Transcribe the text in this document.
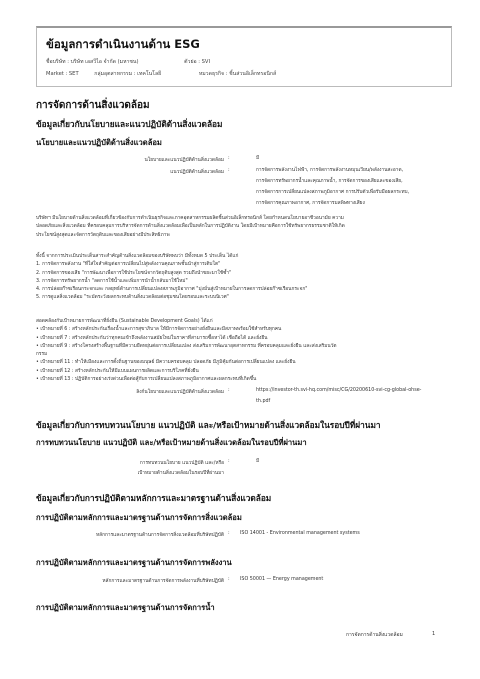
ข้อมูลการดำเนินงานด้าน ESG
ชื่อบริษัท : บริษัท เอสวีไอ จำกัด (มหาชน)	ตัวย่อ : SVI
Market : SET	กลุ่มอุตสาหกรรม : เทคโนโลยี	หมวดธุรกิจ : ชิ้นส่วนอิเล็กทรอนิกส์
การจัดการด้านสิ่งแวดล้อม
ข้อมูลเกี่ยวกับนโยบายและแนวปฏิบัติด้านสิ่งแวดล้อม
นโยบายและแนวปฏิบัติด้านสิ่งแวดล้อม
นโยบายและแนวปฏิบัติด้านสิ่งแวดล้อม :	มี
แนวปฏิบัติด้านสิ่งแวดล้อม :	การจัดการพลังงานไฟฟ้า, การจัดการพลังงานหมุนเวียน/พลังงานสะอาด,
การจัดการทรัพยากรน้ำและคุณภาพน้ำ, การจัดการของเสียและของเสีย,
การจัดการการเปลี่ยนแปลงสภาพภูมิอากาศ การปรับตัวเพื่อรับมือผลกระทบ,
การจัดการคุณภาพอากาศ, การจัดการมลพิษทางเสียง
บริษัทฯ มีนโยบายด้านสิ่งแวดล้อมที่เกี่ยวข้องกับการดำเนินธุรกิจและภาคอุตสาหกรรมผลิตชิ้นส่วนอิเล็กทรอนิกส์ โดยกำหนดนโยบายอาชีวอนามัย ความ
ปลอดภัยและสิ่งแวดล้อม ที่ครอบคลุมการบริหารจัดการด้านสิ่งแวดล้อมเพื่อเป็นหลักในการปฏิบัติงาน โดยมีเป้าหมายคือการใช้ทรัพยากรธรรมชาติให้เกิด
ประโยชน์สูงสุดและจัดการวัตถุดิบและของเสียอย่างมีประสิทธิภาพ
ทั้งนี้ จากการประเมินประเด็นสาระสำคัญด้านสิ่งแวดล้อมของบริษัทพบว่า มีทั้งหมด 5 ประเด็น ได้แก่
1. การจัดการพลังงาน "ที่ใส่ใจสำคัญต่อการเปลี่ยนไปสู่พลังงานคุณภาพชั้นนำสู่การเติบโต"
2. การจัดการของเสีย "การพัฒนาเพื่อการใช้ประโยชน์จากวัตถุดิบสูงสุด รวมถึงนำขยะมาใช้ซ้ำ"
3. การจัดการทรัพยากรน้ำ "ลดการใช้น้ำและเพิ่มการนำน้ำกลับมาใช้ใหม่"
4. การปล่อยก๊าซเรือนกระจกและ กลยุทธ์ด้านการเปลี่ยนแปลงสภาพภูมิอากาศ "มุ่งมั่นสู่เป้าหมายในการลดการปล่อยก๊าซเรือนกระจก"
5. การดูแลสิ่งแวดล้อม "ระมัดระวังผลกระทบด้านสิ่งแวดล้อมต่อชุมชนโดยรอบและระบบนิเวศ"
สอดคล้องกับเป้าหมายการพัฒนาที่ยั่งยืน (Sustainable Development Goals) ได้แก่
• เป้าหมายที่ 6 : สร้างหลักประกันเรื่องน้ำและการสุขาภิบาล ให้มีการจัดการอย่างยั่งยืนและมีสภาพพร้อมใช้สำหรับทุกคน
• เป้าหมายที่ 7 : สร้างหลักประกันว่าทุกคนเข้าถึงพลังงานสมัยใหม่ในราคาที่สามารถซื้อหาได้ เชื่อถือได้ และยั่งยืน
• เป้าหมายที่ 9 : สร้างโครงสร้างพื้นฐานที่มีความยืดหยุ่นต่อการเปลี่ยนแปลง ส่งเสริมการพัฒนาอุตสาหกรรม ที่ครอบคลุมและยั่งยืน และส่งเสริมนวัต
กรรม
• เป้าหมายที่ 11 : ทำให้เมืองและการตั้งถิ่นฐานของมนุษย์ มีความครอบคลุม ปลอดภัย มีภูมิคุ้มกันต่อการเปลี่ยนแปลง และยั่งยืน
• เป้าหมายที่ 12 : สร้างหลักประกันให้มีแบบแผนการผลิตและการบริโภคที่ยั่งยืน
• เป้าหมายที่ 13 : ปฏิบัติการอย่างเร่งด่วนเพื่อต่อสู้กับการเปลี่ยนแปลงสภาพภูมิอากาศและผลกระทบที่เกิดขึ้น
ลิงก์นโยบายและแนวปฏิบัติด้านสิ่งแวดล้อม :	https://investor-th.svi-hq.com/misc/CG/20200610-svi-cg-global-ohse-
th.pdf
ข้อมูลเกี่ยวกับการทบทวนนโยบาย แนวปฏิบัติ และ/หรือเป้าหมายด้านสิ่งแวดล้อมในรอบปีที่ผ่านมา
การทบทวนนโยบาย แนวปฏิบัติ และ/หรือเป้าหมายด้านสิ่งแวดล้อมในรอบปีที่ผ่านมา
การทบทวนนโยบาย แนวปฏิบัติ และ/หรือ
เป้าหมายด้านสิ่งแวดล้อมในรอบปีที่ผ่านมา
:	มี
ข้อมูลเกี่ยวกับการปฏิบัติตามหลักการและมาตรฐานด้านสิ่งแวดล้อม
การปฏิบัติตามหลักการและมาตรฐานด้านการจัดการสิ่งแวดล้อม
หลักการและมาตรฐานด้านการจัดการสิ่งแวดล้อมที่บริษัทปฏิบัติ : ISO 14001 - Environmental management systems
การปฏิบัติตามหลักการและมาตรฐานด้านการจัดการพลังงาน
หลักการและมาตรฐานด้านการจัดการพลังงานที่บริษัทปฏิบัติ : ISO 50001 — Energy management
การปฏิบัติตามหลักการและมาตรฐานด้านการจัดการน้ำ
การจัดการด้านสิ่งแวดล้อม	1
